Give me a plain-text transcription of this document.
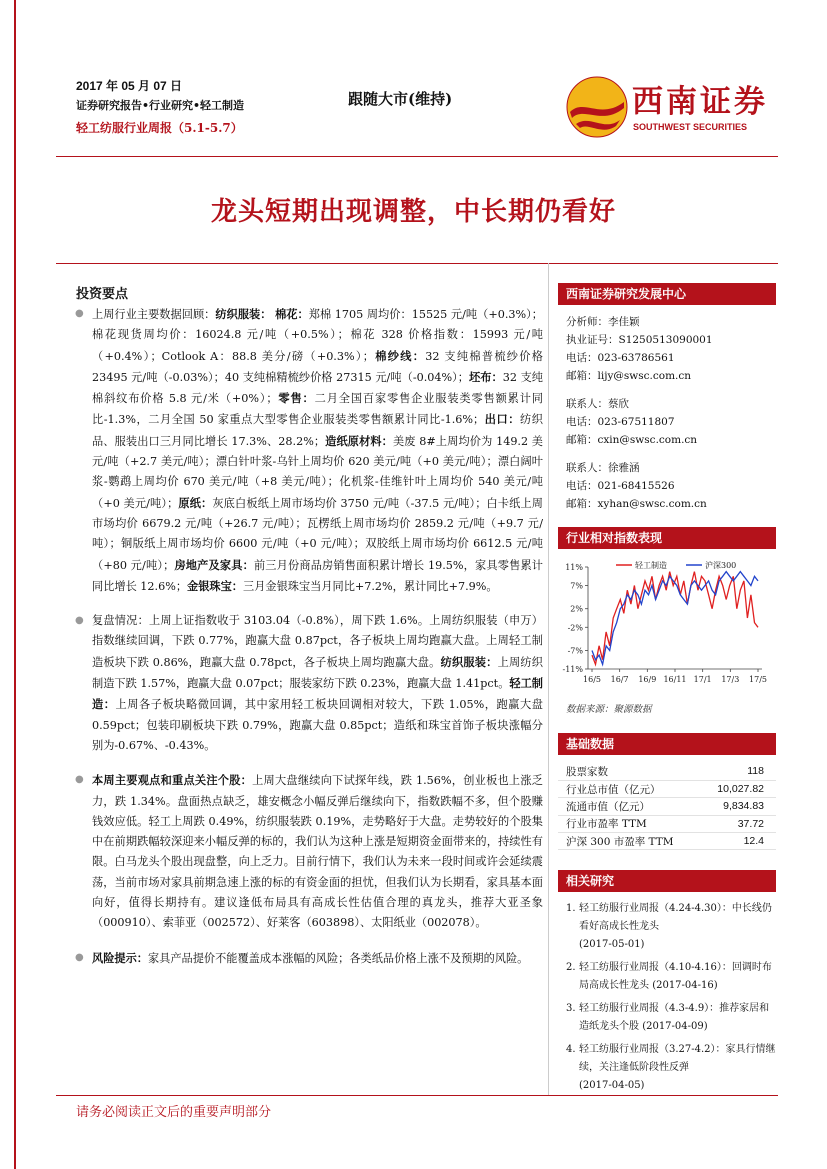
2017 年 05 月 07 日
证券研究报告•行业研究•轻工制造
轻工纺服行业周报（5.1-5.7）
跟随大市(维持)	西南证券
SOUTHWEST SECURITIES
龙头短期出现调整，中长期仍看好
投资要点
● 上周行业主要数据回顾：纺织服装： 棉花：郑棉 1705 周均价：15525 元/吨（+0.3%）；棉花现货周均价：16024.8 元/吨（+0.5%）；棉花 328 价格指数：15993 元/吨（+0.4%）；Cotlook A：88.8 美分/磅（+0.3%）；棉纱线：32 支纯棉普梳纱价格 23495 元/吨（-0.03%）；40 支纯棉精梳纱价格 27315 元/吨（-0.04%）；坯布：32 支纯棉斜纹布价格 5.8 元/米（+0%）；零售：二月全国百家零售企业服装类零售额累计同比-1.3%，二月全国 50 家重点大型零售企业服装类零售额累计同比-1.6%；出口：纺织品、服装出口三月同比增长 17.3%、28.2%；造纸原材料：美废 8#上周均价为 149.2 美元/吨（+2.7 美元/吨）；漂白针叶浆-乌针上周均价 620 美元/吨（+0 美元/吨）；漂白阔叶浆-鹦鹉上周均价 670 美元/吨（+8 美元/吨）；化机浆-佳维针叶上周均价 540 美元/吨（+0 美元/吨）；原纸：灰底白板纸上周市场均价 3750 元/吨（-37.5 元/吨）；白卡纸上周市场均价 6679.2 元/吨（+26.7 元/吨）；瓦楞纸上周市场均价 2859.2 元/吨（+9.7 元/吨）；铜版纸上周市场均价 6600 元/吨（+0 元/吨）；双胶纸上周市场均价 6612.5 元/吨（+80 元/吨）；房地产及家具：前三月份商品房销售面积累计增长 19.5%，家具零售累计同比增长 12.6%；金银珠宝：三月金银珠宝当月同比+7.2%，累计同比+7.9%。
● 复盘情况：上周上证指数收于 3103.04（-0.8%），周下跌 1.6%。上周纺织服装（申万）指数继续回调，下跌 0.77%，跑赢大盘 0.87pct，各子板块上周均跑赢大盘。上周轻工制造板块下跌 0.86%，跑赢大盘 0.78pct，各子板块上周均跑赢大盘。纺织服装：上周纺织制造下跌 1.57%，跑赢大盘 0.07pct；服装家纺下跌 0.23%，跑赢大盘 1.41pct。轻工制造：上周各子板块略微回调，其中家用轻工板块回调相对较大，下跌 1.05%，跑赢大盘 0.59pct；包装印刷板块下跌 0.79%，跑赢大盘 0.85pct；造纸和珠宝首饰子板块涨幅分别为-0.67%、-0.43%。
● 本周主要观点和重点关注个股：上周大盘继续向下试探年线，跌 1.56%，创业板也上涨乏力，跌 1.34%。盘面热点缺乏，雄安概念小幅反弹后继续向下，指数跌幅不多，但个股赚钱效应低。轻工上周跌 0.49%，纺织服装跌 0.19%，走势略好于大盘。走势较好的个股集中在前期跌幅较深迎来小幅反弹的标的，我们认为这种上涨是短期资金面带来的，持续性有限。白马龙头个股出现盘整，向上乏力。目前行情下，我们认为未来一段时间或许会延续震荡，当前市场对家具前期急速上涨的标的有资金面的担忧，但我们认为长期看，家具基本面向好，值得长期持有。建议逢低布局具有高成长性估值合理的真龙头，推荐大亚圣象（000910）、索菲亚（002572）、好莱客（603898）、太阳纸业（002078）。
● 风险提示：家具产品提价不能覆盖成本涨幅的风险；各类纸品价格上涨不及预期的风险。
西南证券研究发展中心
分析师：李佳颖
执业证号：S1250513090001
电话：023-63786561
邮箱：lijy@swsc.com.cn
联系人：蔡欣
电话：023-67511807
邮箱：cxin@swsc.com.cn
联系人：徐雅涵
电话：021-68415526
邮箱：xyhan@swsc.com.cn
行业相对指数表现
11%
7%
2%
-2%
-7%
-11%
16/5 16/7 16/9 16/11 17/1 17/3 17/5
轻工制造	沪深300
数据来源：聚源数据
基础数据
股票家数	118
行业总市值（亿元）	10,027.82
流通市值（亿元）	9,834.83
行业市盈率 TTM	37.72
沪深 300 市盈率 TTM	12.4
相关研究
1. 轻工纺服行业周报（4.24-4.30）：中长线仍看好高成长性龙头
(2017-05-01)
2. 轻工纺服行业周报（4.10-4.16）：回调时布局高成长性龙头 (2017-04-16)
3. 轻工纺服行业周报（4.3-4.9）：推荐家居和造纸龙头个股 (2017-04-09)
4. 轻工纺服行业周报（3.27-4.2）：家具行情继续，关注逢低阶段性反弹
(2017-04-05)
请务必阅读正文后的重要声明部分
